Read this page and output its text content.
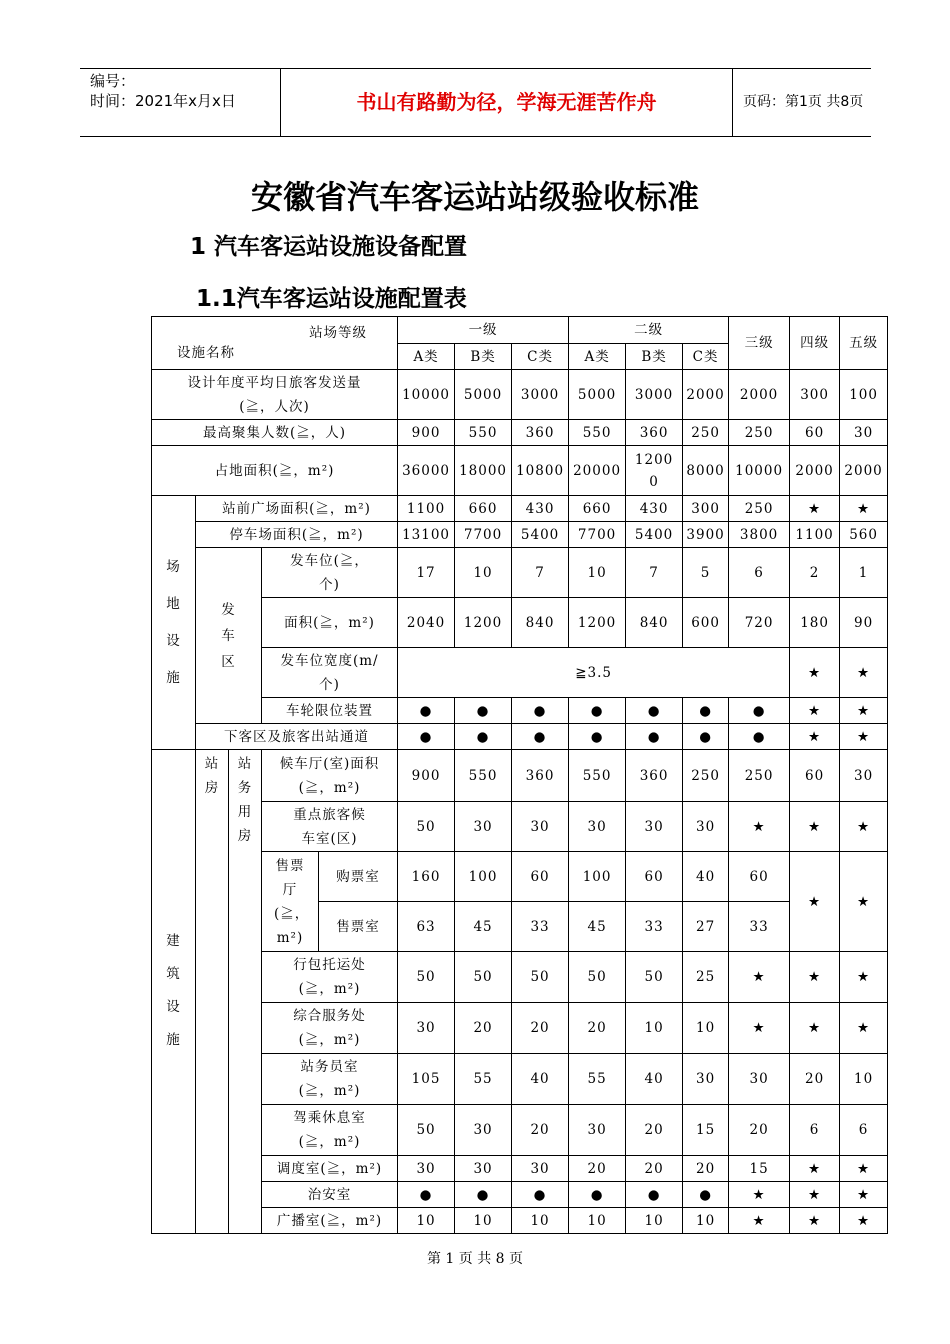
编号：
时间：2021年x月x日	书山有路勤为径，学海无涯苦作舟	页码：第1页 共8页
安徽省汽车客运站站级验收标准
1 汽车客运站设施设备配置
1.1汽车客运站设施配置表
站场等级
设施名称					一级			二级			三级	四级	五级
					A类	B类	C类	A类	B类	C类			
设计年度平均日旅客发送量(≧，人次)					10000	5000	3000	5000	3000	2000	2000	300	100
最高聚集人数(≧，人)					900	550	360	550	360	250	250	60	30
占地面积(≧，m²)					36000	18000	10800	20000	12000	8000	10000	2000	2000
场地设施	站前广场面积(≧，m²)				1100	660	430	660	430	300	250	★	★
	停车场面积(≧，m²)				13100	7700	5400	7700	5400	3900	3800	1100	560
	发车区		发车位(≧，个)		17	10	7	10	7	5	6	2	1
			面积(≧，m²)		2040	1200	840	1200	840	600	720	180	90
			发车位宽度(m/个)		≧3.5							★	★
			车轮限位装置		●	●	●	●	●	●	●	★	★
	下客区及旅客出站通道				●	●	●	●	●	●	●	★	★
建筑设施	站房	站务用房	候车厅(室)面积(≧，m²)		900	550	360	550	360	250	250	60	30
			重点旅客候车室(区)		50	30	30	30	30	30	★	★	★
			售票厅(≧，m²)	购票室	160	100	60	100	60	40	60	★	★
				售票室	63	45	33	45	33	27	33		
			行包托运处(≧，m²)		50	50	50	50	50	25	★	★	★
			综合服务处(≧，m²)		30	20	20	20	10	10	★	★	★
			站务员室(≧，m²)		105	55	40	55	40	30	30	20	10
			驾乘休息室(≧，m²)		50	30	20	30	20	15	20	6	6
			调度室(≧，m²)		30	30	30	20	20	20	15	★	★
			治安室		●	●	●	●	●	●	★	★	★
			广播室(≧，m²)		10	10	10	10	10	10	★	★	★
第 1 页 共 8 页
